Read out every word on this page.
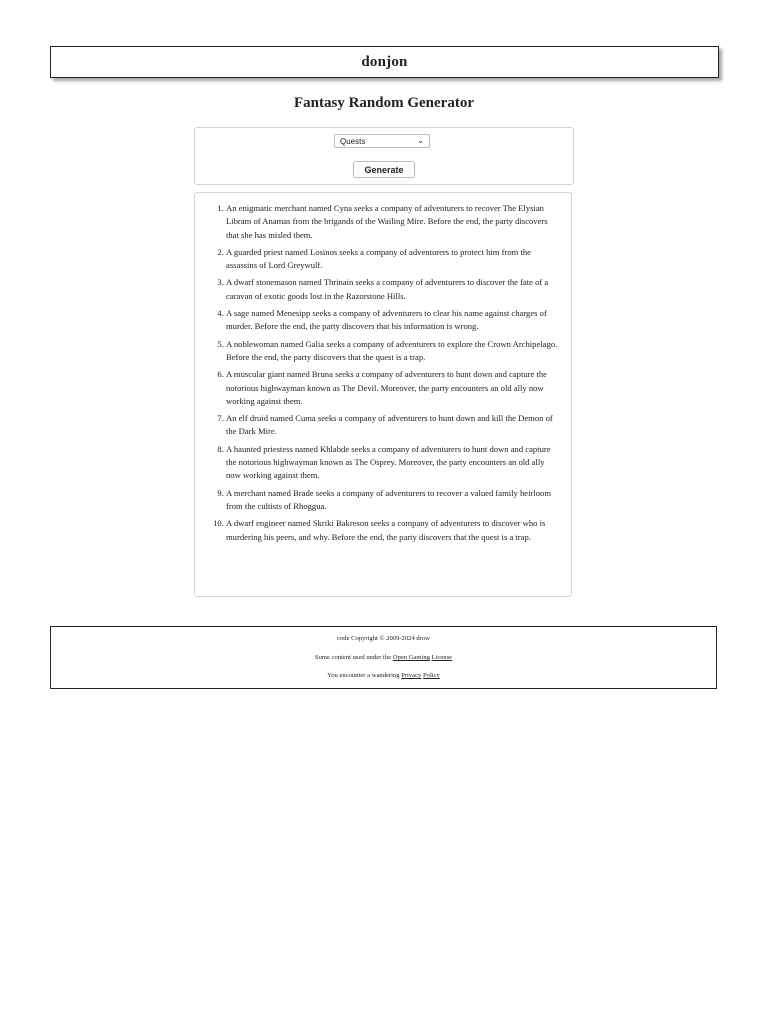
donjon
Fantasy Random Generator
Quests	⌄
Generate
1. An enigmatic merchant named Cyna seeks a company of adventurers to recover The Elysian Libram of Anamas from the brigands of the Wailing Mire. Before the end, the party discovers that she has misled them.
2. A guarded priest named Losinos seeks a company of adventurers to protect him from the assassins of Lord Greywulf.
3. A dwarf stonemason named Thrinain seeks a company of adventurers to discover the fate of a caravan of exotic goods lost in the Razorstone Hills.
4. A sage named Menesipp seeks a company of adventurers to clear his name against charges of murder. Before the end, the party discovers that his information is wrong.
5. A noblewoman named Galia seeks a company of adventurers to explore the Crown Archipelago. Before the end, the party discovers that the quest is a trap.
6. A muscular giant named Bruna seeks a company of adventurers to hunt down and capture the notorious highwayman known as The Devil. Moreover, the party encounters an old ally now working against them.
7. An elf druid named Cuma seeks a company of adventurers to hunt down and kill the Demon of the Dark Mire.
8. A haunted priestess named Khlabde seeks a company of adventurers to hunt down and capture the notorious highwayman known as The Osprey. Moreover, the party encounters an old ally now working against them.
9. A merchant named Brade seeks a company of adventurers to recover a valued family heirloom from the cultists of Rhoggua.
10. A dwarf engineer named Skriki Bakreson seeks a company of adventurers to discover who is murdering his peers, and why. Before the end, the party discovers that the quest is a trap.

code Copyright © 2009-2024 drow

Some content used under the Open Gaming License

You encounter a wandering Privacy Policy
